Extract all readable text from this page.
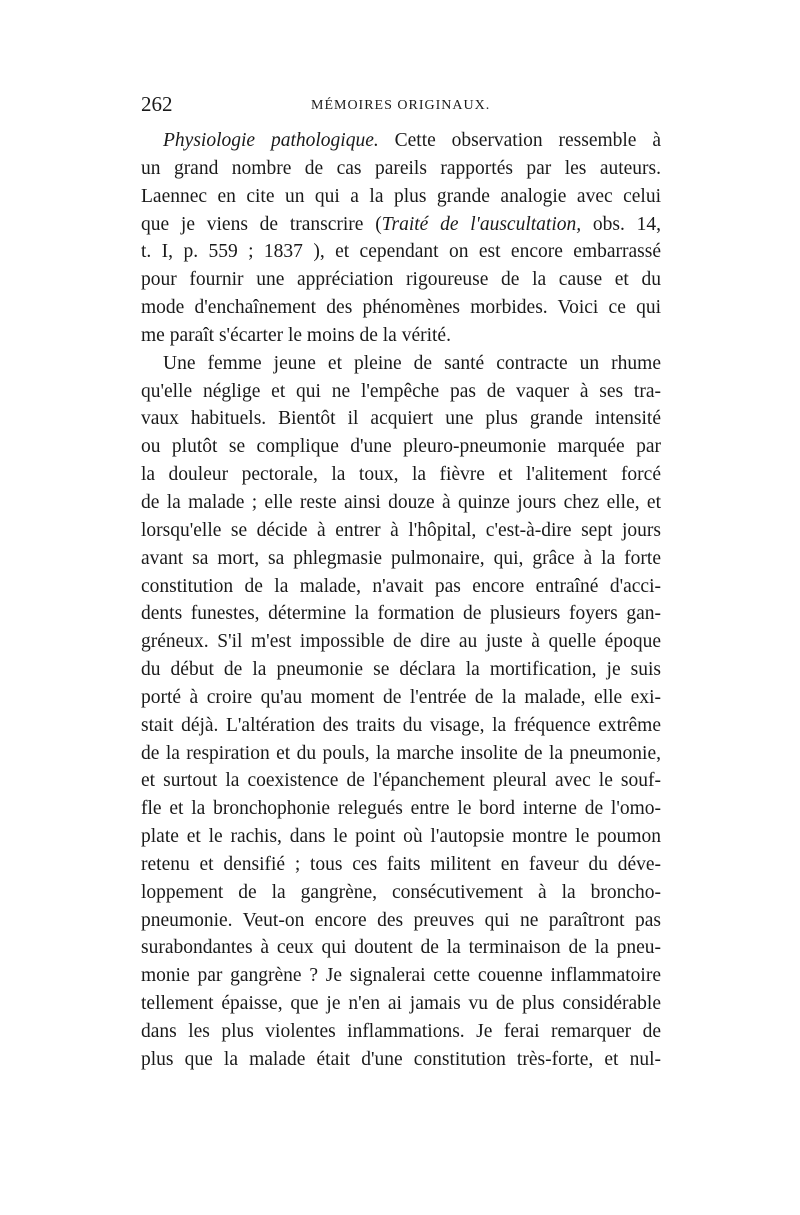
262	MÉMOIRES ORIGINAUX.
Physiologie pathologique. Cette observation ressemble à
un grand nombre de cas pareils rapportés par les auteurs.
Laennec en cite un qui a la plus grande analogie avec celui
que je viens de transcrire (Traité de l'auscultation, obs. 14,
t. I, p. 559 ; 1837 ), et cependant on est encore embarrassé
pour fournir une appréciation rigoureuse de la cause et du
mode d'enchaînement des phénomènes morbides. Voici ce qui
me paraît s'écarter le moins de la vérité.
Une femme jeune et pleine de santé contracte un rhume
qu'elle néglige et qui ne l'empêche pas de vaquer à ses tra-
vaux habituels. Bientôt il acquiert une plus grande intensité
ou plutôt se complique d'une pleuro-pneumonie marquée par
la douleur pectorale, la toux, la fièvre et l'alitement forcé
de la malade ; elle reste ainsi douze à quinze jours chez elle, et
lorsqu'elle se décide à entrer à l'hôpital, c'est-à-dire sept jours
avant sa mort, sa phlegmasie pulmonaire, qui, grâce à la forte
constitution de la malade, n'avait pas encore entraîné d'acci-
dents funestes, détermine la formation de plusieurs foyers gan-
gréneux. S'il m'est impossible de dire au juste à quelle époque
du début de la pneumonie se déclara la mortification, je suis
porté à croire qu'au moment de l'entrée de la malade, elle exi-
stait déjà. L'altération des traits du visage, la fréquence extrême
de la respiration et du pouls, la marche insolite de la pneumonie,
et surtout la coexistence de l'épanchement pleural avec le souf-
fle et la bronchophonie relegués entre le bord interne de l'omo-
plate et le rachis, dans le point où l'autopsie montre le poumon
retenu et densifié ; tous ces faits militent en faveur du déve-
loppement de la gangrène, consécutivement à la broncho-
pneumonie. Veut-on encore des preuves qui ne paraîtront pas
surabondantes à ceux qui doutent de la terminaison de la pneu-
monie par gangrène ? Je signalerai cette couenne inflammatoire
tellement épaisse, que je n'en ai jamais vu de plus considérable
dans les plus violentes inflammations. Je ferai remarquer de
plus que la malade était d'une constitution très-forte, et nul-
